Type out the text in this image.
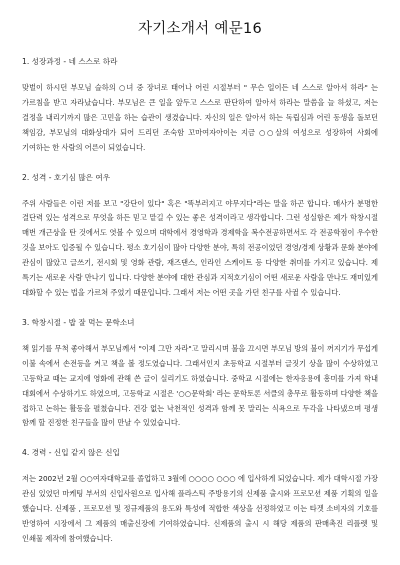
자기소개서 예문16
1. 성장과정 - 네 스스로 하라

맞벌이 하시던 부모님 슬하의 ○녀 중 장녀로 태어나 어린 시절부터 " 무슨 일이든 네 스스로 알아서 하라" 는 가르침을 받고 자라났습니다. 부모님은 큰 일을 앞두고 스스로 판단하여 알아서 하라는 말씀을 늘 하셨고, 저는 결정을 내리기까지 많은 고민을 하는 습관이 생겼습니다. 자신의 일은 알아서 하는 독립심과 어린 동생을 돌보던 책임감, 부모님의 대화상대가 되어 드리던 조숙함 꼬마여자아이는 지금 ○○살의 여성으로 성장하여 사회에 기여하는 한 사람의 어른이 되었습니다.

2. 성격 - 호기심 많은 여우

주위 사람들은 이런 저를 보고 "강단이 있다" 혹은 "똑부러지고 야무지다"라는 말을 하곤 합니다. 매사가 분명한 결단력 있는 성격으로 무엇을 하든 믿고 맡길 수 있는 좋은 성격이라고 생각합니다. 그런 성실함은 제가 학창시절 매번 개근상을 탄 것에서도 엿볼 수 있으며 대학에서 경영학과 경제학을 복수전공하면서도 각 전공학점이 우수한 것을 보아도 입증될 수 있습니다. 평소 호기심이 많아 다양한 분야, 특히 전공이었던 경영/경제 상황과 문화 분야에 관심이 많았고 글쓰기, 전시회 및 영화 관람, 재즈댄스, 인라인 스케이트 등 다양한 취미를 가지고 있습니다. 제 특기는 새로운 사람 만나기 입니다. 다양한 분야에 대한 관심과 지적호기심이 어떤 새로운 사람을 만나도 재미있게 대화할 수 있는 법을 가르쳐 주었기 때문입니다. 그래서 저는 어떤 곳을 가던 친구를 사귈 수 있습니다.

3. 학창시절 - 밥 잘 먹는 문학소녀

책 읽기를 무척 좋아해서 부모님께서 "이제 그만 자라"고 말리시며 불을 끄시면 부모님 방의 불이 꺼지기가 무섭게 이불 속에서 손전등을 켜고 책을 볼 정도였습니다. 그래서인지 초등학교 시절부터 글짓기 상을 많이 수상하였고 고등학교 때는 교지에 영화에 관해 쓴 글이 실리기도 하였습니다. 중학교 시절에는 한자응용에 흥미를 가져 학내 대회에서 수상하기도 하였으며, 고등학교 시절은 '○○문학회' 라는 문학토론 서클의 총무로 활동하며 다양한 책을 접하고 논하는 활동을 펼쳤습니다. 건강 없는 낙천적인 성격과 함께 못 말리는 식욕으로 두각을 나타냈으며 평생 함께 할 진정한 친구들을 많이 만날 수 있었습니다.

4. 경력 - 신입 같지 않은 신입

저는 2002년 2월 ○○여자대학교를 졸업하고 3월에 ○○○○ ○○○ 에 입사하게 되었습니다. 제가 대학시절 가장 관심 있었던 마케팅 부서의 신입사원으로 입사해 플라스틱 주방용기의 신제품 출시와 프로모션 제품 기획의 일을 했습니다. 신제품 , 프로모션 및 정규제품의 용도와 특성에 적합한 색상을 선정하였고 이는 타겟 소비자의 기호를 반영하여 시장에서 그 제품의 매출신장에 기여하였습니다. 신제품의 출시 시 해당 제품의 판매촉진 리플렛 및 인쇄물 제작에 참여했습니다.
